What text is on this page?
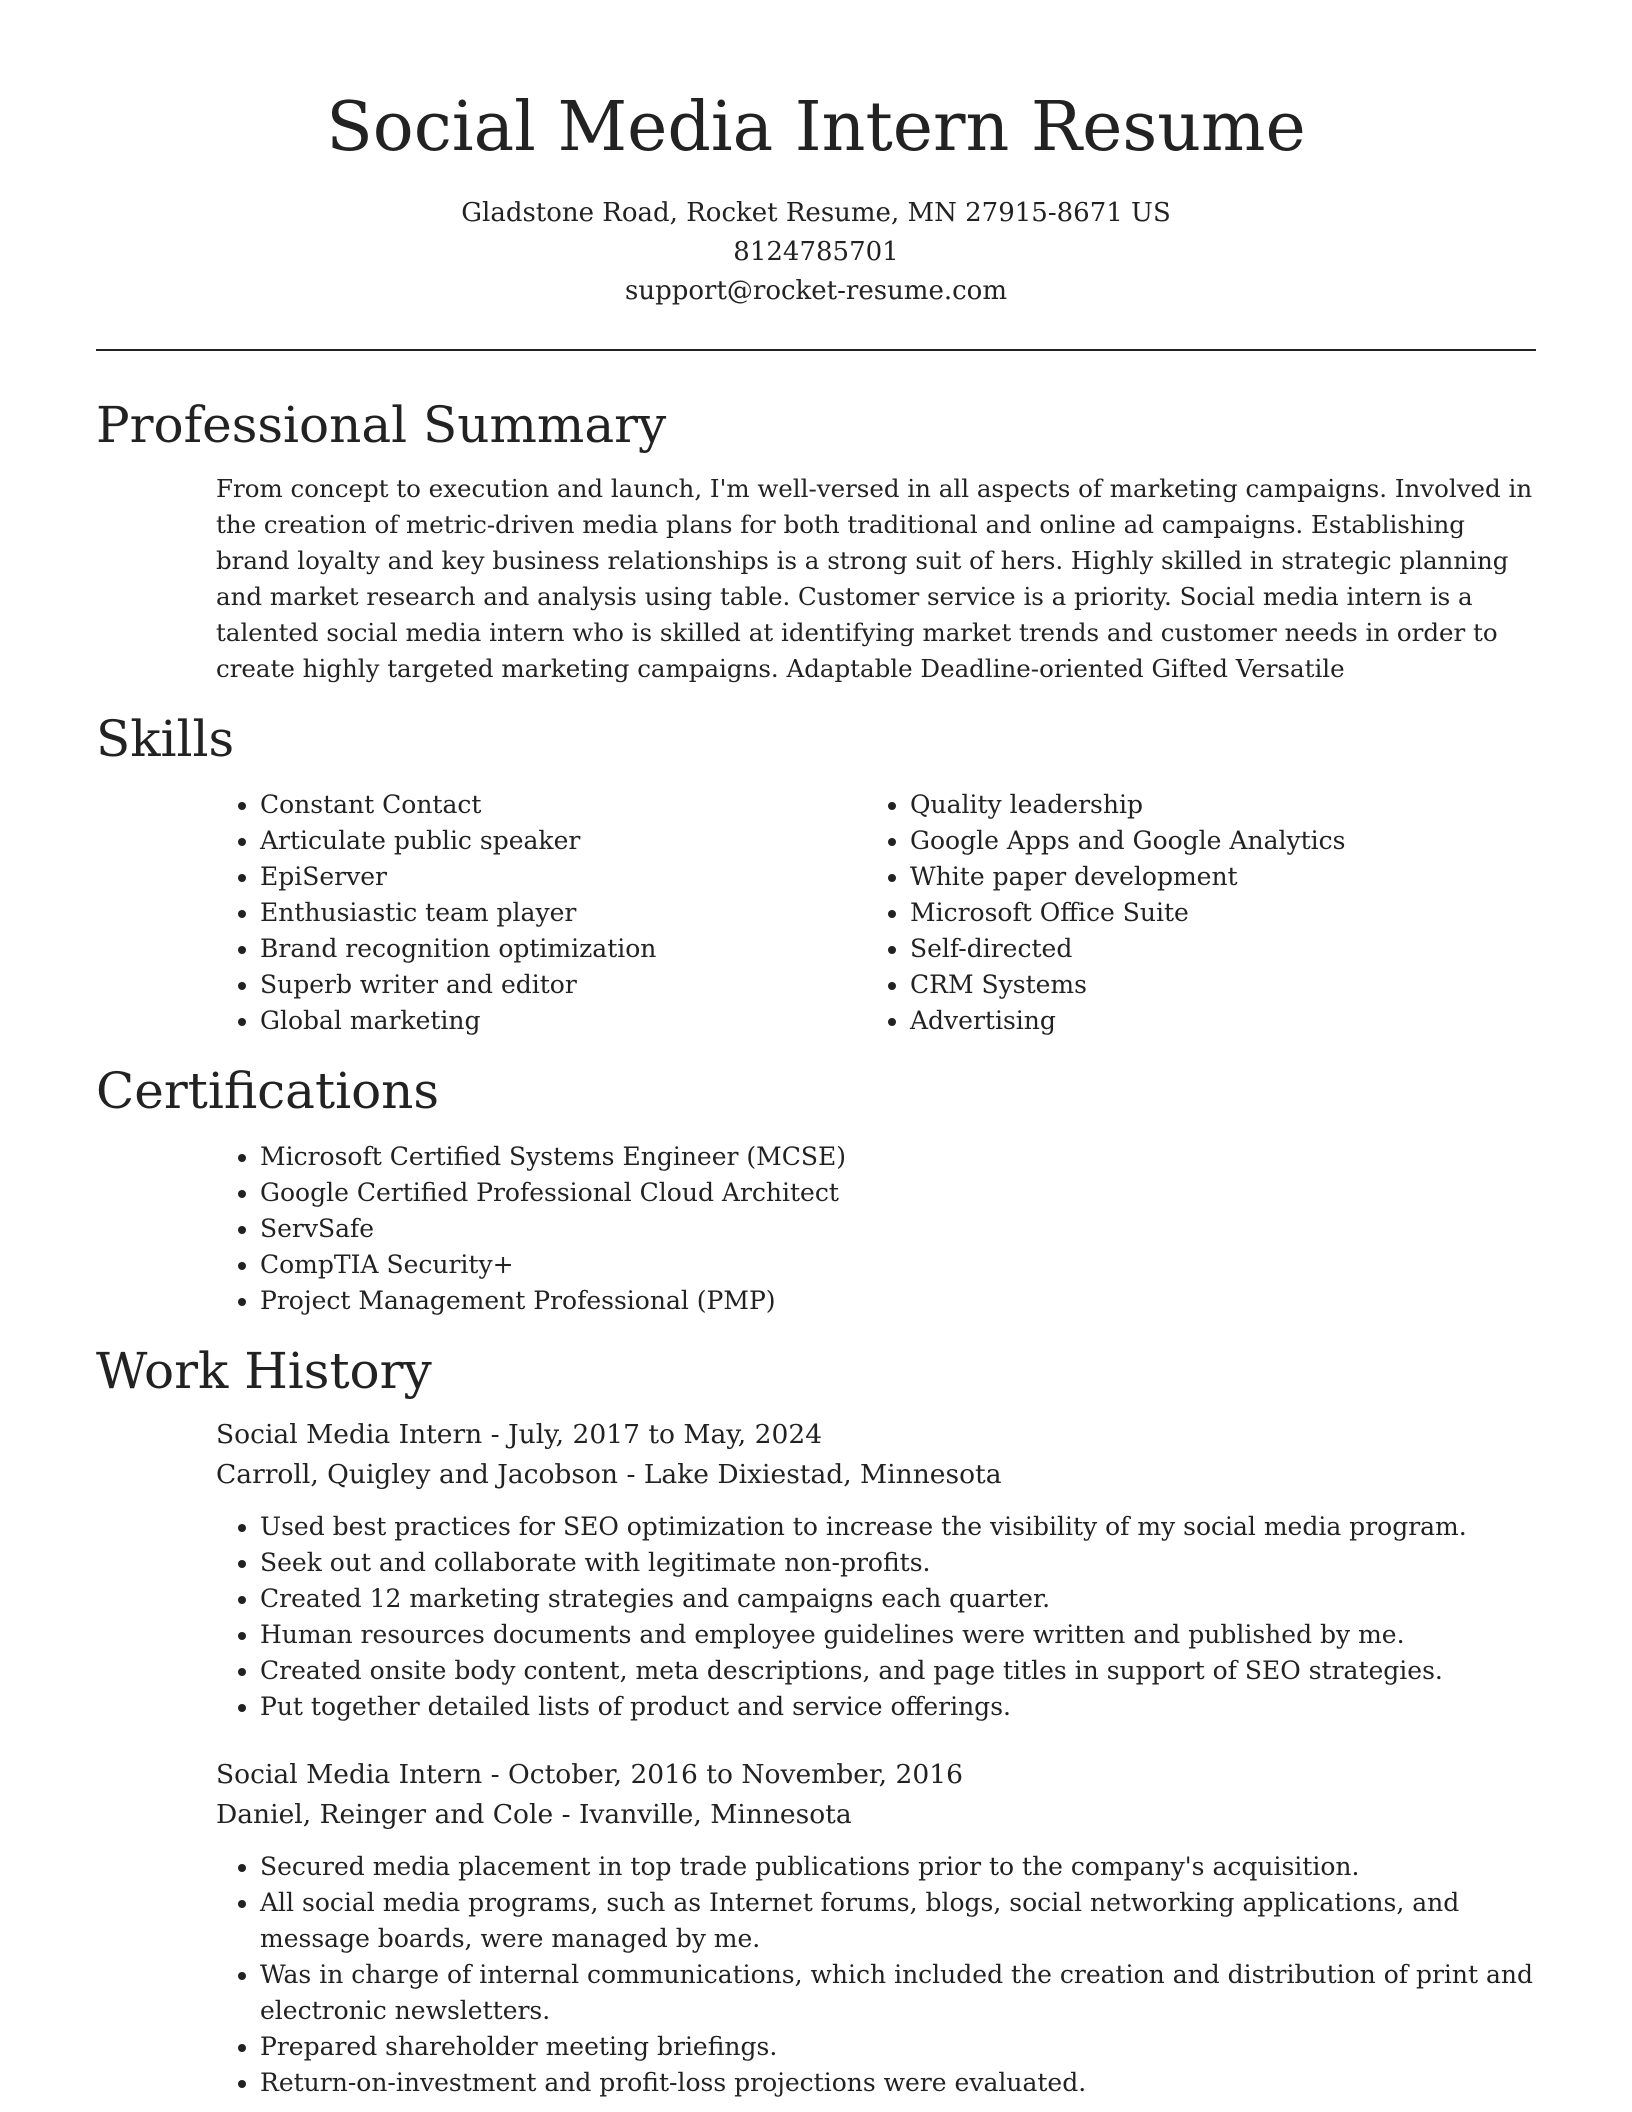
Social Media Intern Resume
Gladstone Road, Rocket Resume, MN 27915-8671 US
8124785701
support@rocket-resume.com
Professional Summary

From concept to execution and launch, I'm well-versed in all aspects of marketing campaigns. Involved in the creation of metric-driven media plans for both traditional and online ad campaigns. Establishing brand loyalty and key business relationships is a strong suit of hers. Highly skilled in strategic planning and market research and analysis using table. Customer service is a priority. Social media intern is a talented social media intern who is skilled at identifying market trends and customer needs in order to create highly targeted marketing campaigns. Adaptable Deadline-oriented Gifted Versatile

Skills
• Constant Contact
• Articulate public speaker
• EpiServer
• Enthusiastic team player
• Brand recognition optimization
• Superb writer and editor
• Global marketing
• Quality leadership
• Google Apps and Google Analytics
• White paper development
• Microsoft Office Suite
• Self-directed
• CRM Systems
• Advertising
Certifications
• Microsoft Certified Systems Engineer (MCSE)
• Google Certified Professional Cloud Architect
• ServSafe
• CompTIA Security+
• Project Management Professional (PMP)
Work History
Social Media Intern - July, 2017 to May, 2024
Carroll, Quigley and Jacobson - Lake Dixiestad, Minnesota
• Used best practices for SEO optimization to increase the visibility of my social media program.
• Seek out and collaborate with legitimate non-profits.
• Created 12 marketing strategies and campaigns each quarter.
• Human resources documents and employee guidelines were written and published by me.
• Created onsite body content, meta descriptions, and page titles in support of SEO strategies.
• Put together detailed lists of product and service offerings.
Social Media Intern - October, 2016 to November, 2016
Daniel, Reinger and Cole - Ivanville, Minnesota
• Secured media placement in top trade publications prior to the company's acquisition.
• All social media programs, such as Internet forums, blogs, social networking applications, and message boards, were managed by me.
• Was in charge of internal communications, which included the creation and distribution of print and electronic newsletters.
• Prepared shareholder meeting briefings.
• Return-on-investment and profit-loss projections were evaluated.
